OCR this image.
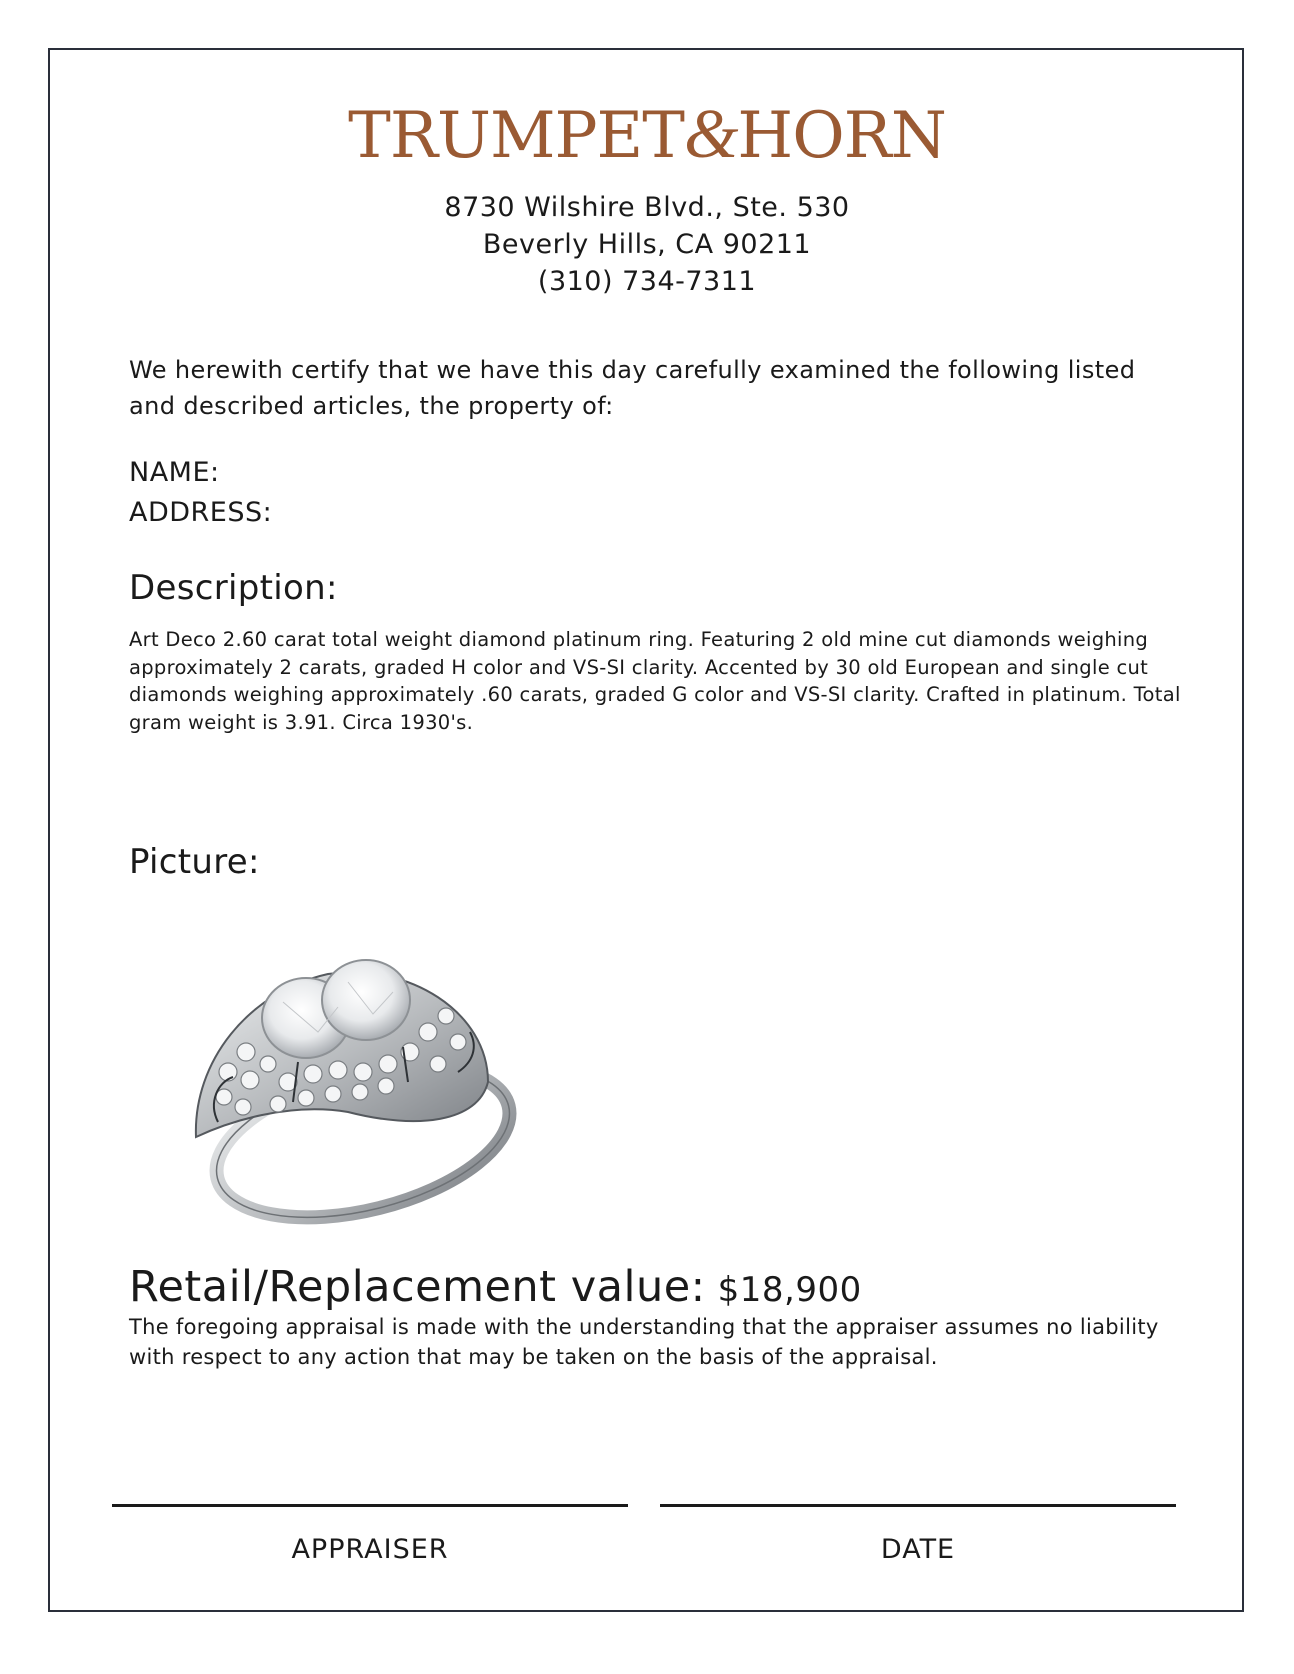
TRUMPET&HORN
8730 Wilshire Blvd., Ste. 530
Beverly Hills, CA 90211
(310) 734-7311
We herewith certify that we have this day carefully examined the following listed and described articles, the property of:
NAME:
ADDRESS:
Description:
Art Deco 2.60 carat total weight diamond platinum ring. Featuring 2 old mine cut diamonds weighing approximately 2 carats, graded H color and VS-SI clarity. Accented by 30 old European and single cut diamonds weighing approximately .60 carats, graded G color and VS-SI clarity. Crafted in platinum. Total gram weight is 3.91. Circa 1930's.
Picture:
Retail/Replacement value: $18,900
The foregoing appraisal is made with the understanding that the appraiser assumes no liability with respect to any action that may be taken on the basis of the appraisal.
APPRAISER	DATE
